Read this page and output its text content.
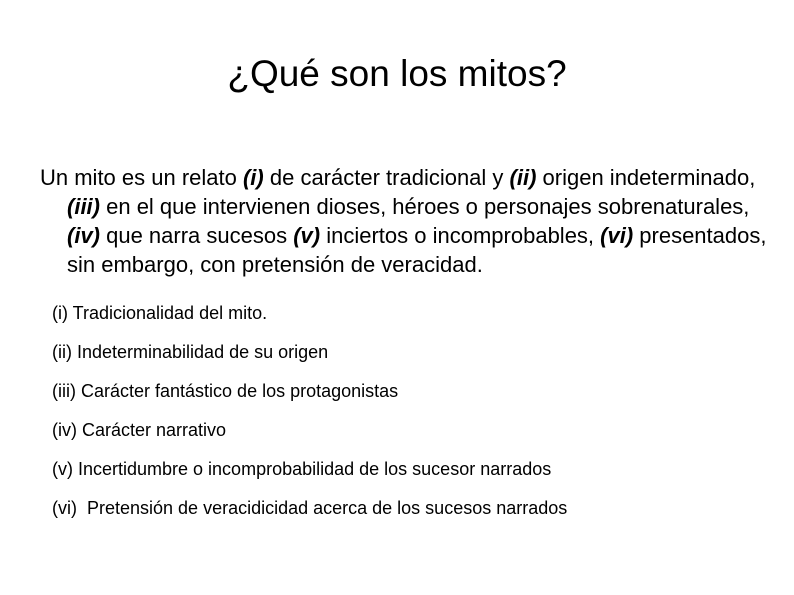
¿Qué son los mitos?

Un mito es un relato (i) de carácter tradicional y (ii) origen indeterminado, (iii) en el que intervienen dioses, héroes o personajes sobrenaturales, (iv) que narra sucesos (v) inciertos o incomprobables, (vi) presentados, sin embargo, con pretensión de veracidad.

(i) Tradicionalidad del mito.
(ii) Indeterminabilidad de su origen
(iii) Carácter fantástico de los protagonistas
(iv) Carácter narrativo
(v) Incertidumbre o incomprobabilidad de los sucesor narrados
(vi)  Pretensión de veracidicidad acerca de los sucesos narrados
